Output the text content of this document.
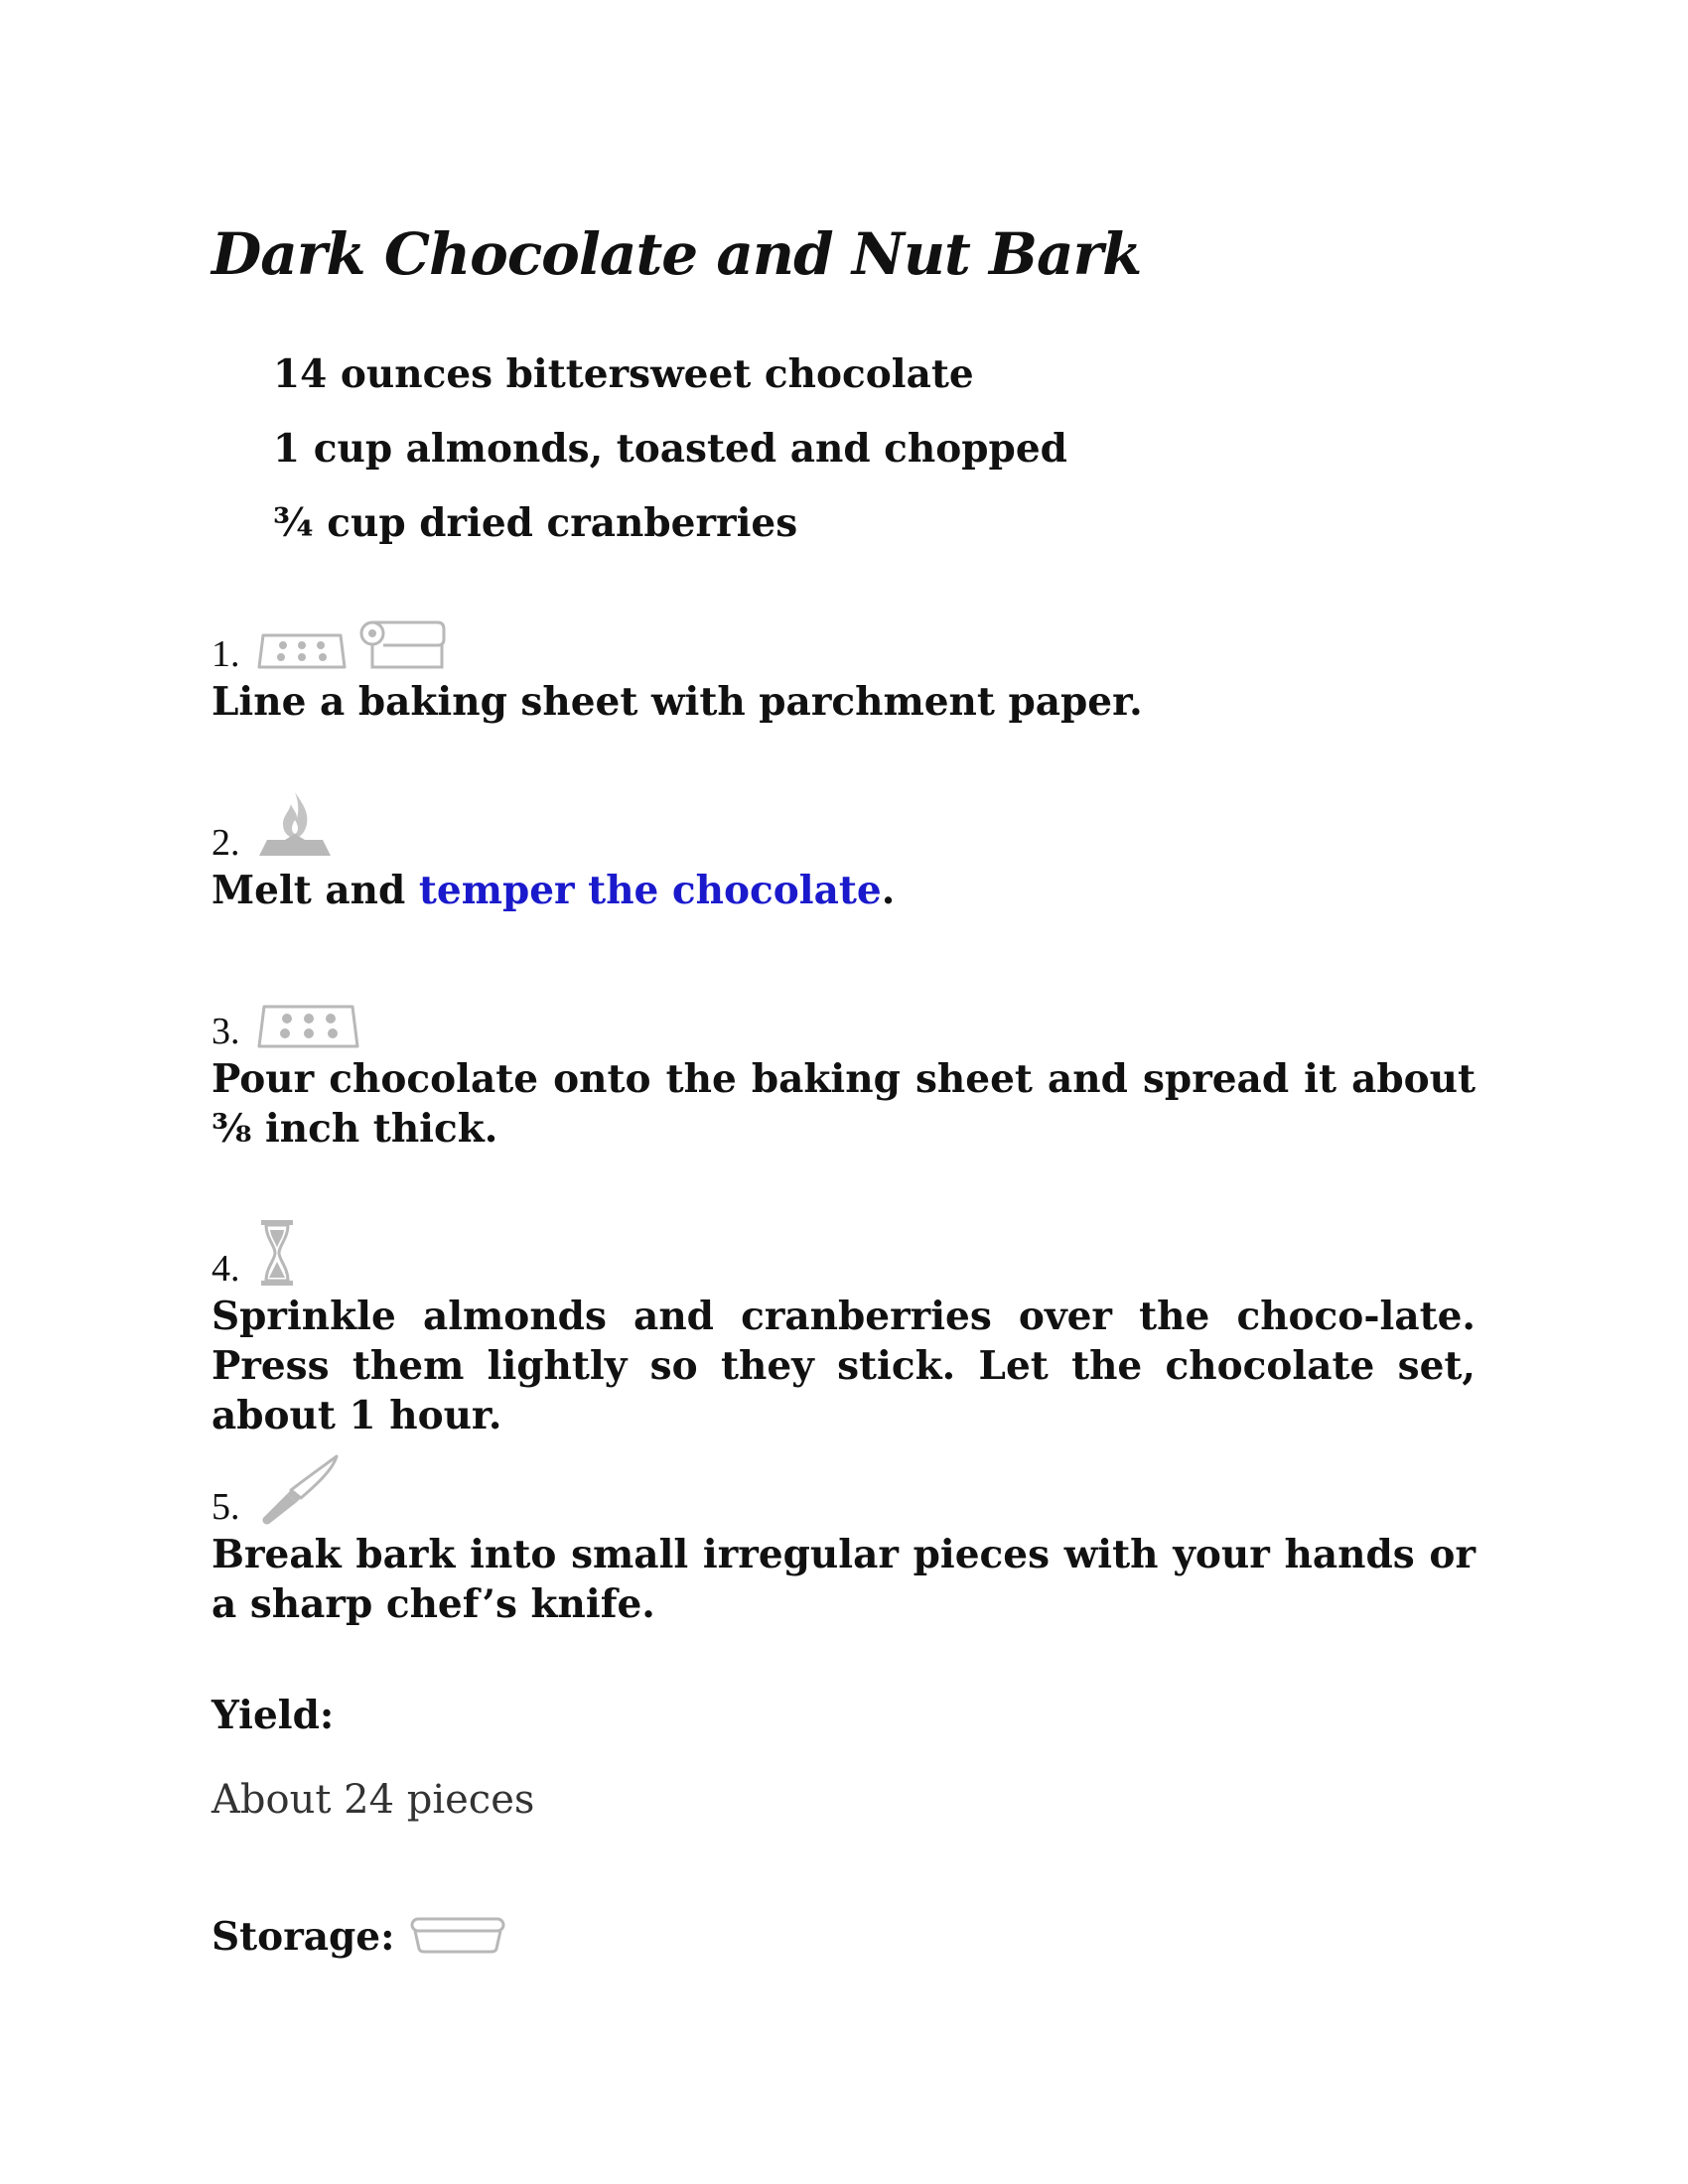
Dark Chocolate and Nut Bark
14 ounces bittersweet chocolate
1 cup almonds, toasted and chopped
¾ cup dried cranberries
1.

Line a baking sheet with parchment paper.

2.

Melt and temper the chocolate.

3.

Pour chocolate onto the baking sheet and spread it about ⅜ inch thick.

4.

Sprinkle almonds and cranberries over the choco-late. Press them lightly so they stick. Let the chocolate set, about 1 hour.

5.

Break bark into small irregular pieces with your hands or a sharp chef’s knife.

Yield:

About 24 pieces

Storage:
